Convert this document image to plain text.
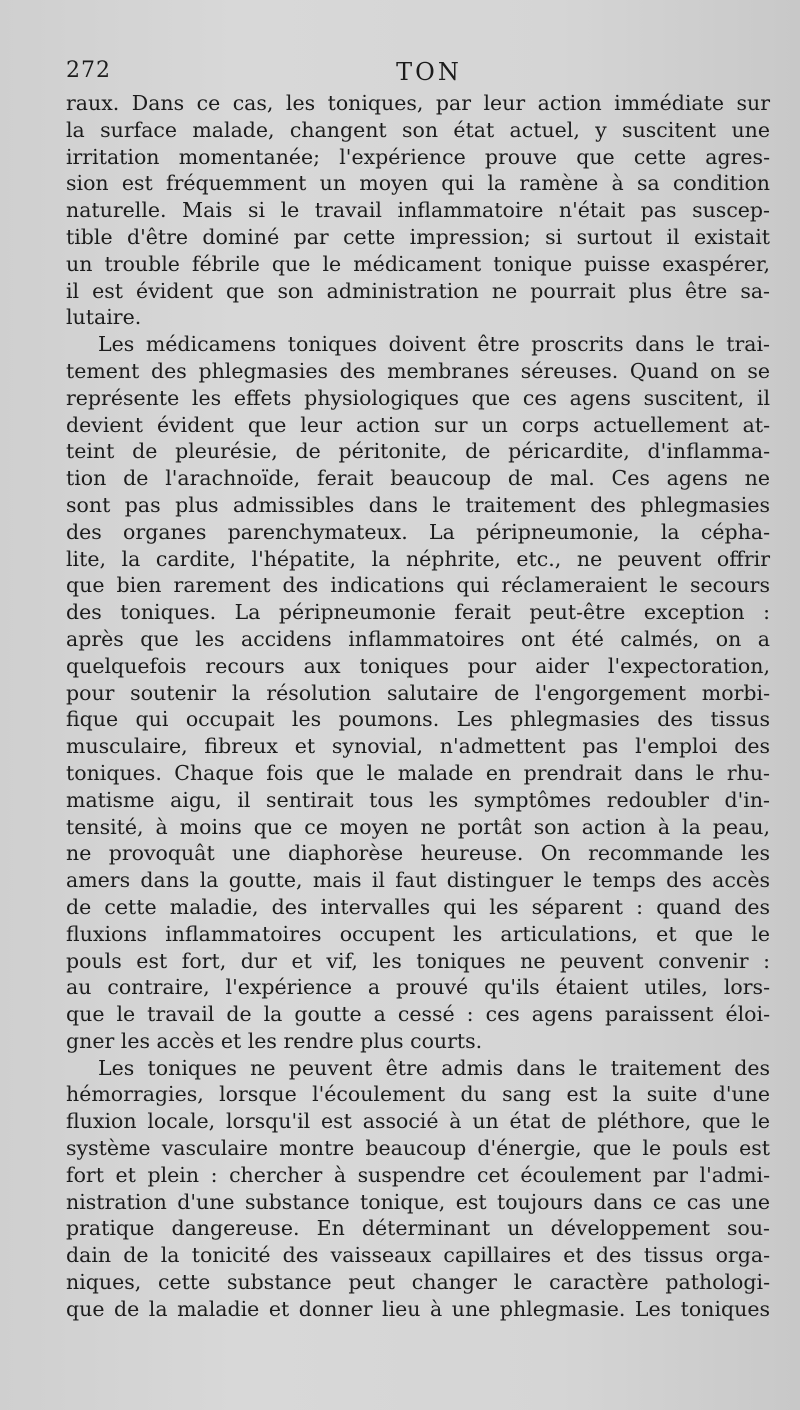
272	TON
raux. Dans ce cas, les toniques, par leur action immédiate sur
la surface malade, changent son état actuel, y suscitent une
irritation momentanée; l'expérience prouve que cette agres-
sion est fréquemment un moyen qui la ramène à sa condition
naturelle. Mais si le travail inflammatoire n'était pas suscep-
tible d'être dominé par cette impression; si surtout il existait
un trouble fébrile que le médicament tonique puisse exaspérer,
il est évident que son administration ne pourrait plus être sa-
lutaire.
Les médicamens toniques doivent être proscrits dans le trai-
tement des phlegmasies des membranes séreuses. Quand on se
représente les effets physiologiques que ces agens suscitent, il
devient évident que leur action sur un corps actuellement at-
teint de pleurésie, de péritonite, de péricardite, d'inflamma-
tion de l'arachnoïde, ferait beaucoup de mal. Ces agens ne
sont pas plus admissibles dans le traitement des phlegmasies
des organes parenchymateux. La péripneumonie, la cépha-
lite, la cardite, l'hépatite, la néphrite, etc., ne peuvent offrir
que bien rarement des indications qui réclameraient le secours
des toniques. La péripneumonie ferait peut-être exception :
après que les accidens inflammatoires ont été calmés, on a
quelquefois recours aux toniques pour aider l'expectoration,
pour soutenir la résolution salutaire de l'engorgement morbi-
fique qui occupait les poumons. Les phlegmasies des tissus
musculaire, fibreux et synovial, n'admettent pas l'emploi des
toniques. Chaque fois que le malade en prendrait dans le rhu-
matisme aigu, il sentirait tous les symptômes redoubler d'in-
tensité, à moins que ce moyen ne portât son action à la peau,
ne provoquât une diaphorèse heureuse. On recommande les
amers dans la goutte, mais il faut distinguer le temps des accès
de cette maladie, des intervalles qui les séparent : quand des
fluxions inflammatoires occupent les articulations, et que le
pouls est fort, dur et vif, les toniques ne peuvent convenir :
au contraire, l'expérience a prouvé qu'ils étaient utiles, lors-
que le travail de la goutte a cessé : ces agens paraissent éloi-
gner les accès et les rendre plus courts.
Les toniques ne peuvent être admis dans le traitement des
hémorragies, lorsque l'écoulement du sang est la suite d'une
fluxion locale, lorsqu'il est associé à un état de pléthore, que le
système vasculaire montre beaucoup d'énergie, que le pouls est
fort et plein : chercher à suspendre cet écoulement par l'admi-
nistration d'une substance tonique, est toujours dans ce cas une
pratique dangereuse. En déterminant un développement sou-
dain de la tonicité des vaisseaux capillaires et des tissus orga-
niques, cette substance peut changer le caractère pathologi-
que de la maladie et donner lieu à une phlegmasie. Les toniques
